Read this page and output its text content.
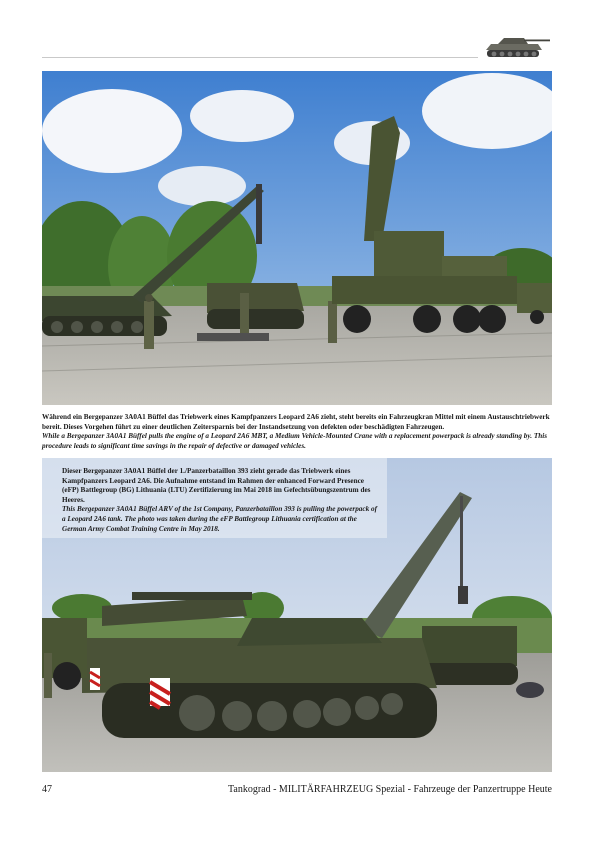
Während ein Bergepanzer 3A0A1 Büffel das Triebwerk eines Kampfpanzers Leopard 2A6 zieht, steht bereits ein Fahrzeugkran Mittel mit einem Austauschtriebwerk bereit. Dieses Vorgehen führt zu einer deutlichen Zeitersparnis bei der Instandsetzung von defekten oder beschädigten Fahrzeugen.
While a Bergepanzer 3A0A1 Büffel pulls the engine of a Leopard 2A6 MBT, a Medium Vehicle-Mounted Crane with a replacement powerpack is already standing by. This procedure leads to significant time savings in the repair of defective or damaged vehicles.
Dieser Bergepanzer 3A0A1 Büffel der 1./Panzerbataillon 393 zieht gerade das Triebwerk eines Kampfpanzers Leopard 2A6. Die Aufnahme entstand im Rahmen der enhanced Forward Presence (eFP) Battlegroup (BG) Lithuania (LTU) Zertifizierung im Mai 2018 im Gefechtsübungszentrum des Heeres.
This Bergepanzer 3A0A1 Büffel ARV of the 1st Company, Panzerbataillon 393 is pulling the powerpack of a Leopard 2A6 tank. The photo was taken during the eFP Battlegroup Lithuania certification at the German Army Combat Training Centre in May 2018.
47	Tankograd - MILITÄRFAHRZEUG Spezial - Fahrzeuge der Panzertruppe Heute
